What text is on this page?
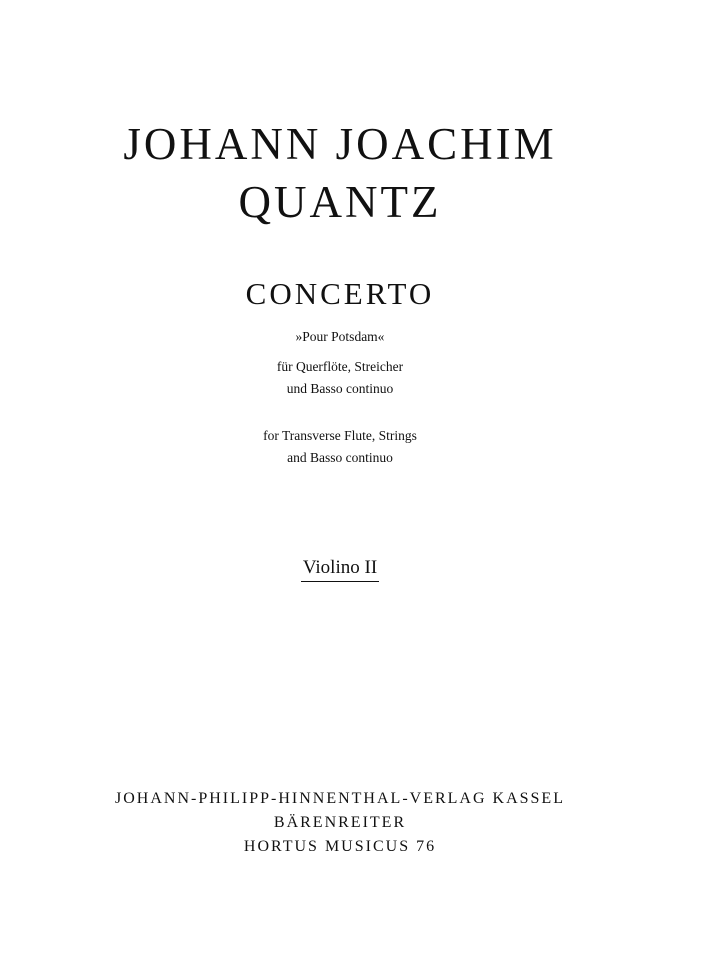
JOHANN JOACHIM
QUANTZ
CONCERTO
»Pour Potsdam«
für Querflöte, Streicher
und Basso continuo
for Transverse Flute, Strings
and Basso continuo
Violino II
JOHANN-PHILIPP-HINNENTHAL-VERLAG KASSEL
BÄRENREITER
HORTUS MUSICUS 76
